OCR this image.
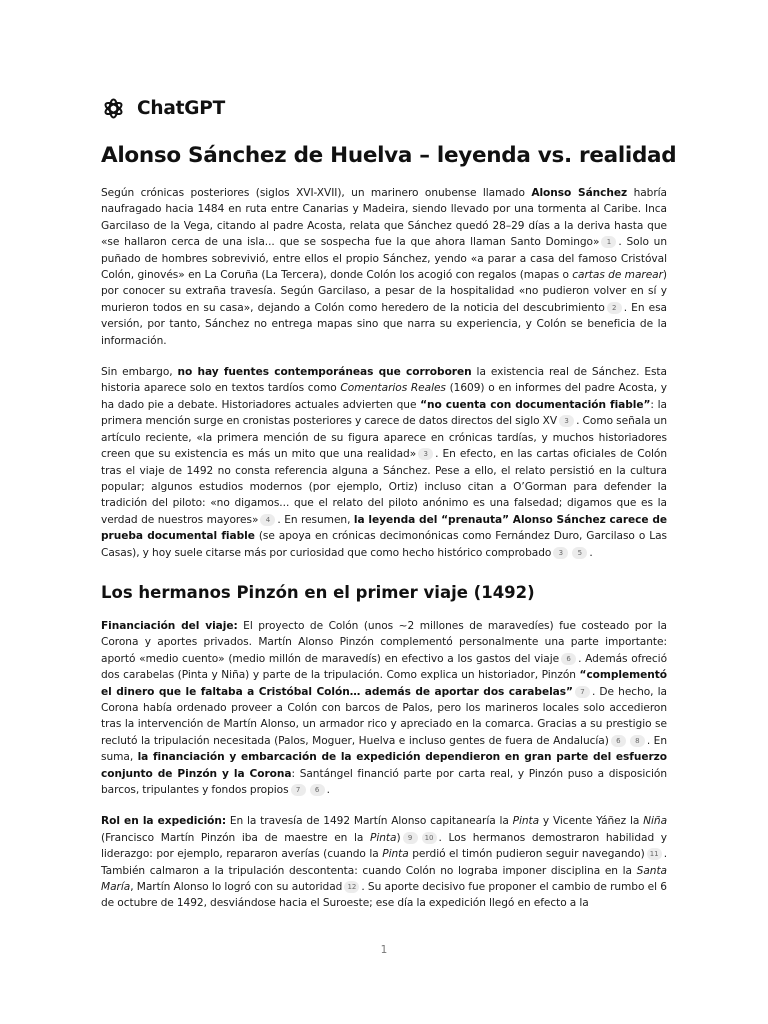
ChatGPT
Alonso Sánchez de Huelva – leyenda vs. realidad

Según crónicas posteriores (siglos XVI-XVII), un marinero onubense llamado Alonso Sánchez habría naufragado hacia 1484 en ruta entre Canarias y Madeira, siendo llevado por una tormenta al Caribe. Inca Garcilaso de la Vega, citando al padre Acosta, relata que Sánchez quedó 28–29 días a la deriva hasta que «se hallaron cerca de una isla... que se sospecha fue la que ahora llaman Santo Domingo» 1 . Solo un puñado de hombres sobrevivió, entre ellos el propio Sánchez, yendo «a parar a casa del famoso Cristóval Colón, ginovés» en La Coruña (La Tercera), donde Colón los acogió con regalos (mapas o cartas de marear) por conocer su extraña travesía. Según Garcilaso, a pesar de la hospitalidad «no pudieron volver en sí y murieron todos en su casa», dejando a Colón como heredero de la noticia del descubrimiento 2 . En esa versión, por tanto, Sánchez no entrega mapas sino que narra su experiencia, y Colón se beneficia de la información.

Sin embargo, no hay fuentes contemporáneas que corroboren la existencia real de Sánchez. Esta historia aparece solo en textos tardíos como Comentarios Reales (1609) o en informes del padre Acosta, y ha dado pie a debate. Historiadores actuales advierten que “no cuenta con documentación fiable”: la primera mención surge en cronistas posteriores y carece de datos directos del siglo XV 3 . Como señala un artículo reciente, «la primera mención de su figura aparece en crónicas tardías, y muchos historiadores creen que su existencia es más un mito que una realidad» 3 . En efecto, en las cartas oficiales de Colón tras el viaje de 1492 no consta referencia alguna a Sánchez. Pese a ello, el relato persistió en la cultura popular; algunos estudios modernos (por ejemplo, Ortiz) incluso citan a O’Gorman para defender la tradición del piloto: «no digamos... que el relato del piloto anónimo es una falsedad; digamos que es la verdad de nuestros mayores» 4 . En resumen, la leyenda del “prenauta” Alonso Sánchez carece de prueba documental fiable (se apoya en crónicas decimonónicas como Fernández Duro, Garcilaso o Las Casas), y hoy suele citarse más por curiosidad que como hecho histórico comprobado 3 5 .

Los hermanos Pinzón en el primer viaje (1492)

Financiación del viaje: El proyecto de Colón (unos ~2 millones de maravedíes) fue costeado por la Corona y aportes privados. Martín Alonso Pinzón complementó personalmente una parte importante: aportó «medio cuento» (medio millón de maravedís) en efectivo a los gastos del viaje 6 . Además ofreció dos carabelas (Pinta y Niña) y parte de la tripulación. Como explica un historiador, Pinzón “complementó el dinero que le faltaba a Cristóbal Colón… además de aportar dos carabelas” 7 . De hecho, la Corona había ordenado proveer a Colón con barcos de Palos, pero los marineros locales solo accedieron tras la intervención de Martín Alonso, un armador rico y apreciado en la comarca. Gracias a su prestigio se reclutó la tripulación necesitada (Palos, Moguer, Huelva e incluso gentes de fuera de Andalucía) 6 8 . En suma, la financiación y embarcación de la expedición dependieron en gran parte del esfuerzo conjunto de Pinzón y la Corona: Santángel financió parte por carta real, y Pinzón puso a disposición barcos, tripulantes y fondos propios 7 6 .

Rol en la expedición: En la travesía de 1492 Martín Alonso capitanearía la Pinta y Vicente Yáñez la Niña (Francisco Martín Pinzón iba de maestre en la Pinta) 9 10 . Los hermanos demostraron habilidad y liderazgo: por ejemplo, repararon averías (cuando la Pinta perdió el timón pudieron seguir navegando) 11 . También calmaron a la tripulación descontenta: cuando Colón no lograba imponer disciplina en la Santa María, Martín Alonso lo logró con su autoridad 12 . Su aporte decisivo fue proponer el cambio de rumbo el 6 de octubre de 1492, desviándose hacia el Suroeste; ese día la expedición llegó en efecto a la

1
